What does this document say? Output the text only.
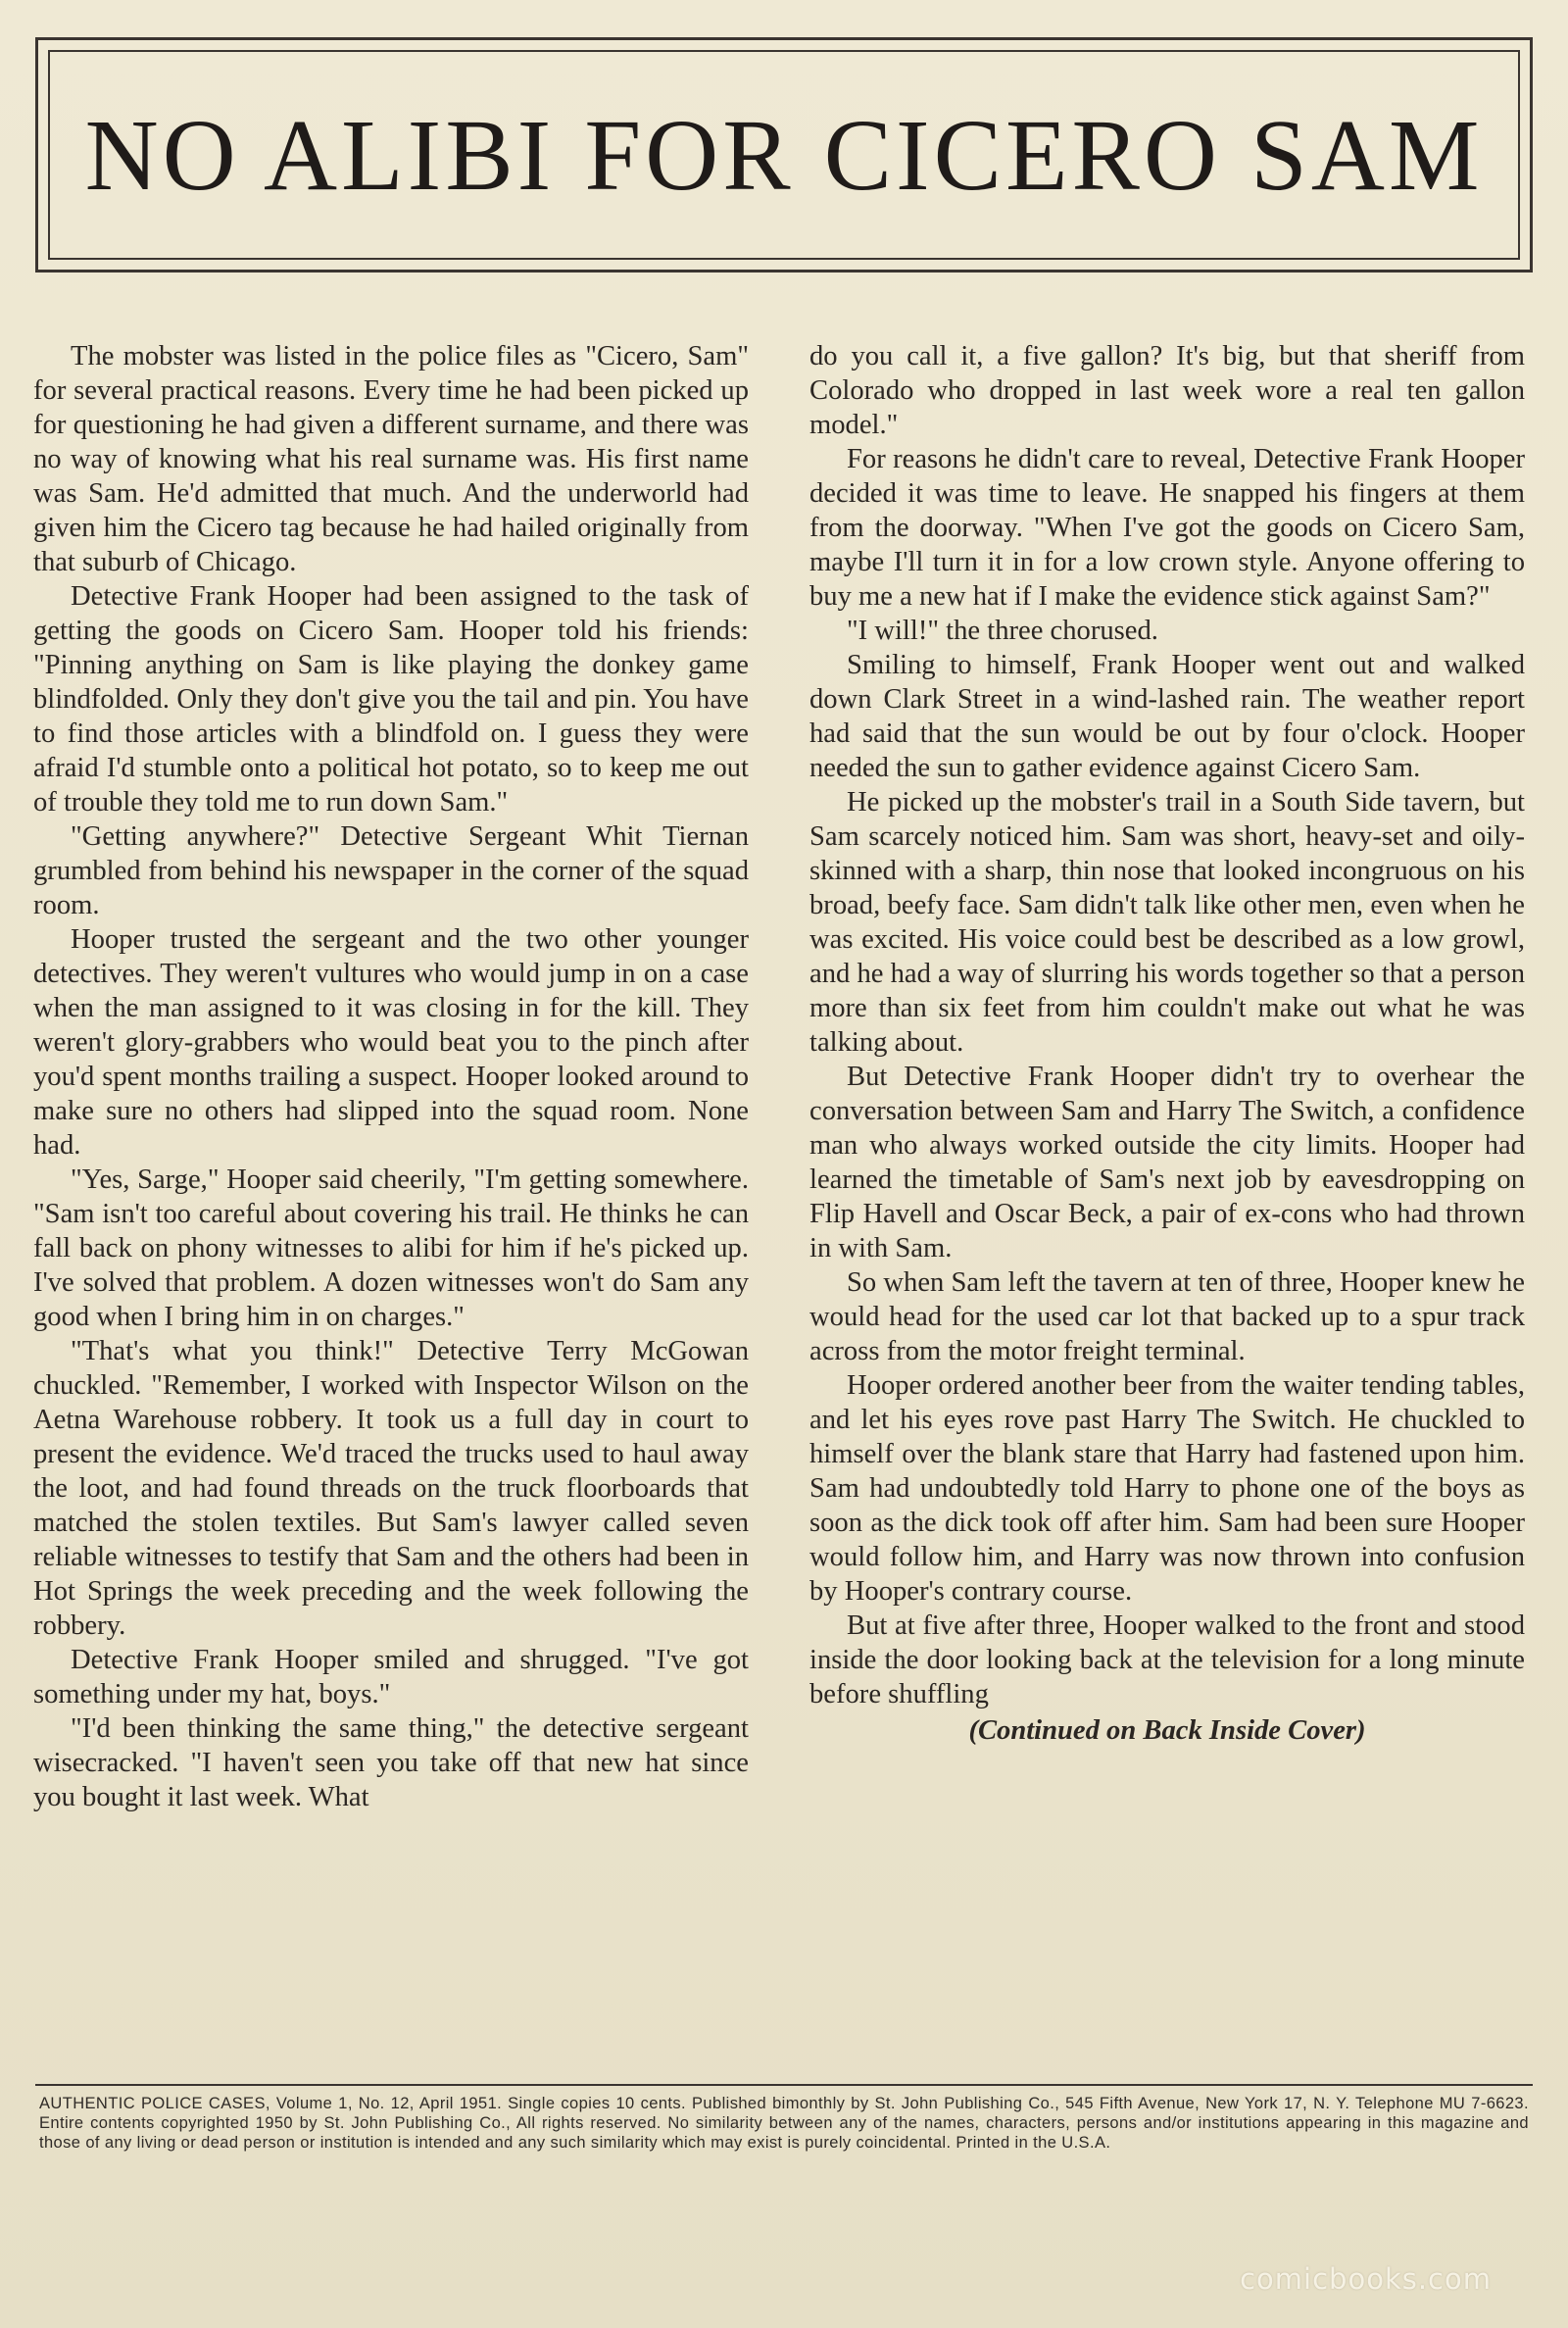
NO ALIBI FOR CICERO SAM

The mobster was listed in the police files as "Cicero, Sam" for several practical reasons. Every time he had been picked up for questioning he had given a different surname, and there was no way of knowing what his real surname was. His first name was Sam. He'd admitted that much. And the underworld had given him the Cicero tag because he had hailed originally from that suburb of Chicago.

Detective Frank Hooper had been assigned to the task of getting the goods on Cicero Sam. Hooper told his friends: "Pinning anything on Sam is like playing the donkey game blindfolded. Only they don't give you the tail and pin. You have to find those articles with a blindfold on. I guess they were afraid I'd stumble onto a political hot potato, so to keep me out of trouble they told me to run down Sam."

"Getting anywhere?" Detective Sergeant Whit Tiernan grumbled from behind his newspaper in the corner of the squad room.

Hooper trusted the sergeant and the two other younger detectives. They weren't vultures who would jump in on a case when the man assigned to it was closing in for the kill. They weren't glory-grabbers who would beat you to the pinch after you'd spent months trailing a suspect. Hooper looked around to make sure no others had slipped into the squad room. None had.

"Yes, Sarge," Hooper said cheerily, "I'm getting somewhere. "Sam isn't too careful about covering his trail. He thinks he can fall back on phony witnesses to alibi for him if he's picked up. I've solved that problem. A dozen witnesses won't do Sam any good when I bring him in on charges."

"That's what you think!" Detective Terry McGowan chuckled. "Remember, I worked with Inspector Wilson on the Aetna Warehouse robbery. It took us a full day in court to present the evidence. We'd traced the trucks used to haul away the loot, and had found threads on the truck floorboards that matched the stolen textiles. But Sam's lawyer called seven reliable witnesses to testify that Sam and the others had been in Hot Springs the week preceding and the week following the robbery.

Detective Frank Hooper smiled and shrugged. "I've got something under my hat, boys."

"I'd been thinking the same thing," the detective sergeant wisecracked. "I haven't seen you take off that new hat since you bought it last week. What

do you call it, a five gallon? It's big, but that sheriff from Colorado who dropped in last week wore a real ten gallon model."

For reasons he didn't care to reveal, Detective Frank Hooper decided it was time to leave. He snapped his fingers at them from the doorway. "When I've got the goods on Cicero Sam, maybe I'll turn it in for a low crown style. Anyone offering to buy me a new hat if I make the evidence stick against Sam?"

"I will!" the three chorused.

Smiling to himself, Frank Hooper went out and walked down Clark Street in a wind-lashed rain. The weather report had said that the sun would be out by four o'clock. Hooper needed the sun to gather evidence against Cicero Sam.

He picked up the mobster's trail in a South Side tavern, but Sam scarcely noticed him. Sam was short, heavy-set and oily-skinned with a sharp, thin nose that looked incongruous on his broad, beefy face. Sam didn't talk like other men, even when he was excited. His voice could best be described as a low growl, and he had a way of slurring his words together so that a person more than six feet from him couldn't make out what he was talking about.

But Detective Frank Hooper didn't try to overhear the conversation between Sam and Harry The Switch, a confidence man who always worked outside the city limits. Hooper had learned the timetable of Sam's next job by eavesdropping on Flip Havell and Oscar Beck, a pair of ex-cons who had thrown in with Sam.

So when Sam left the tavern at ten of three, Hooper knew he would head for the used car lot that backed up to a spur track across from the motor freight terminal.

Hooper ordered another beer from the waiter tending tables, and let his eyes rove past Harry The Switch. He chuckled to himself over the blank stare that Harry had fastened upon him. Sam had undoubtedly told Harry to phone one of the boys as soon as the dick took off after him. Sam had been sure Hooper would follow him, and Harry was now thrown into confusion by Hooper's contrary course.

But at five after three, Hooper walked to the front and stood inside the door looking back at the television for a long minute before shuffling

(Continued on Back Inside Cover)

AUTHENTIC POLICE CASES, Volume 1, No. 12, April 1951. Single copies 10 cents. Published bimonthly by St. John Publishing Co., 545 Fifth Avenue, New York 17, N. Y. Telephone MU 7-6623. Entire contents copyrighted 1950 by St. John Publishing Co., All rights reserved. No similarity between any of the names, characters, persons and/or institutions appearing in this magazine and those of any living or dead person or institution is intended and any such similarity which may exist is purely coincidental. Printed in the U.S.A.

comicbooks.com
